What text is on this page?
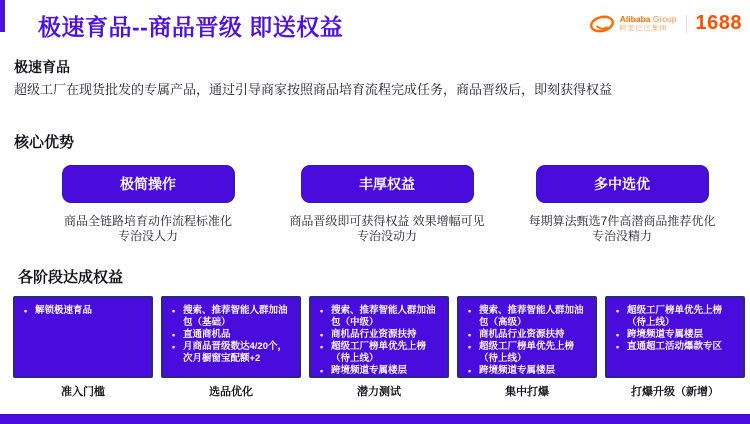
极速育品--商品晋级 即送权益	Alibaba Group
阿里巴巴集团	1688
极速育品
超级工厂在现货批发的专属产品，通过引导商家按照商品培育流程完成任务，商品晋级后，即刻获得权益
核心优势
极简操作
商品全链路培育动作流程标准化
专治没人力
丰厚权益
商品晋级即可获得权益 效果增幅可见
专治没动力
多中选优
每期算法甄选7件高潜商品推荐优化
专治没精力
各阶段达成权益
• 解锁极速育品	• 搜索、推荐智能人群加油包（基础）
• 直通商机品
• 月商品晋级数达4/20个，次月橱窗宝配额+2
• 搜索、推荐智能人群加油包（中级）
• 商机品行业资源扶持
• 超级工厂榜单优先上榜（待上线）
• 跨境频道专属楼层
• 搜索、推荐智能人群加油包（高级）
• 商机品行业资源扶持
• 超级工厂榜单优先上榜（待上线）
• 跨境频道专属楼层
• 超级工厂榜单优先上榜（待上线）
• 跨境频道专属楼层
• 直通超工活动爆款专区
准入门槛	选品优化	潜力测试	集中打爆	打爆升级（新增）
